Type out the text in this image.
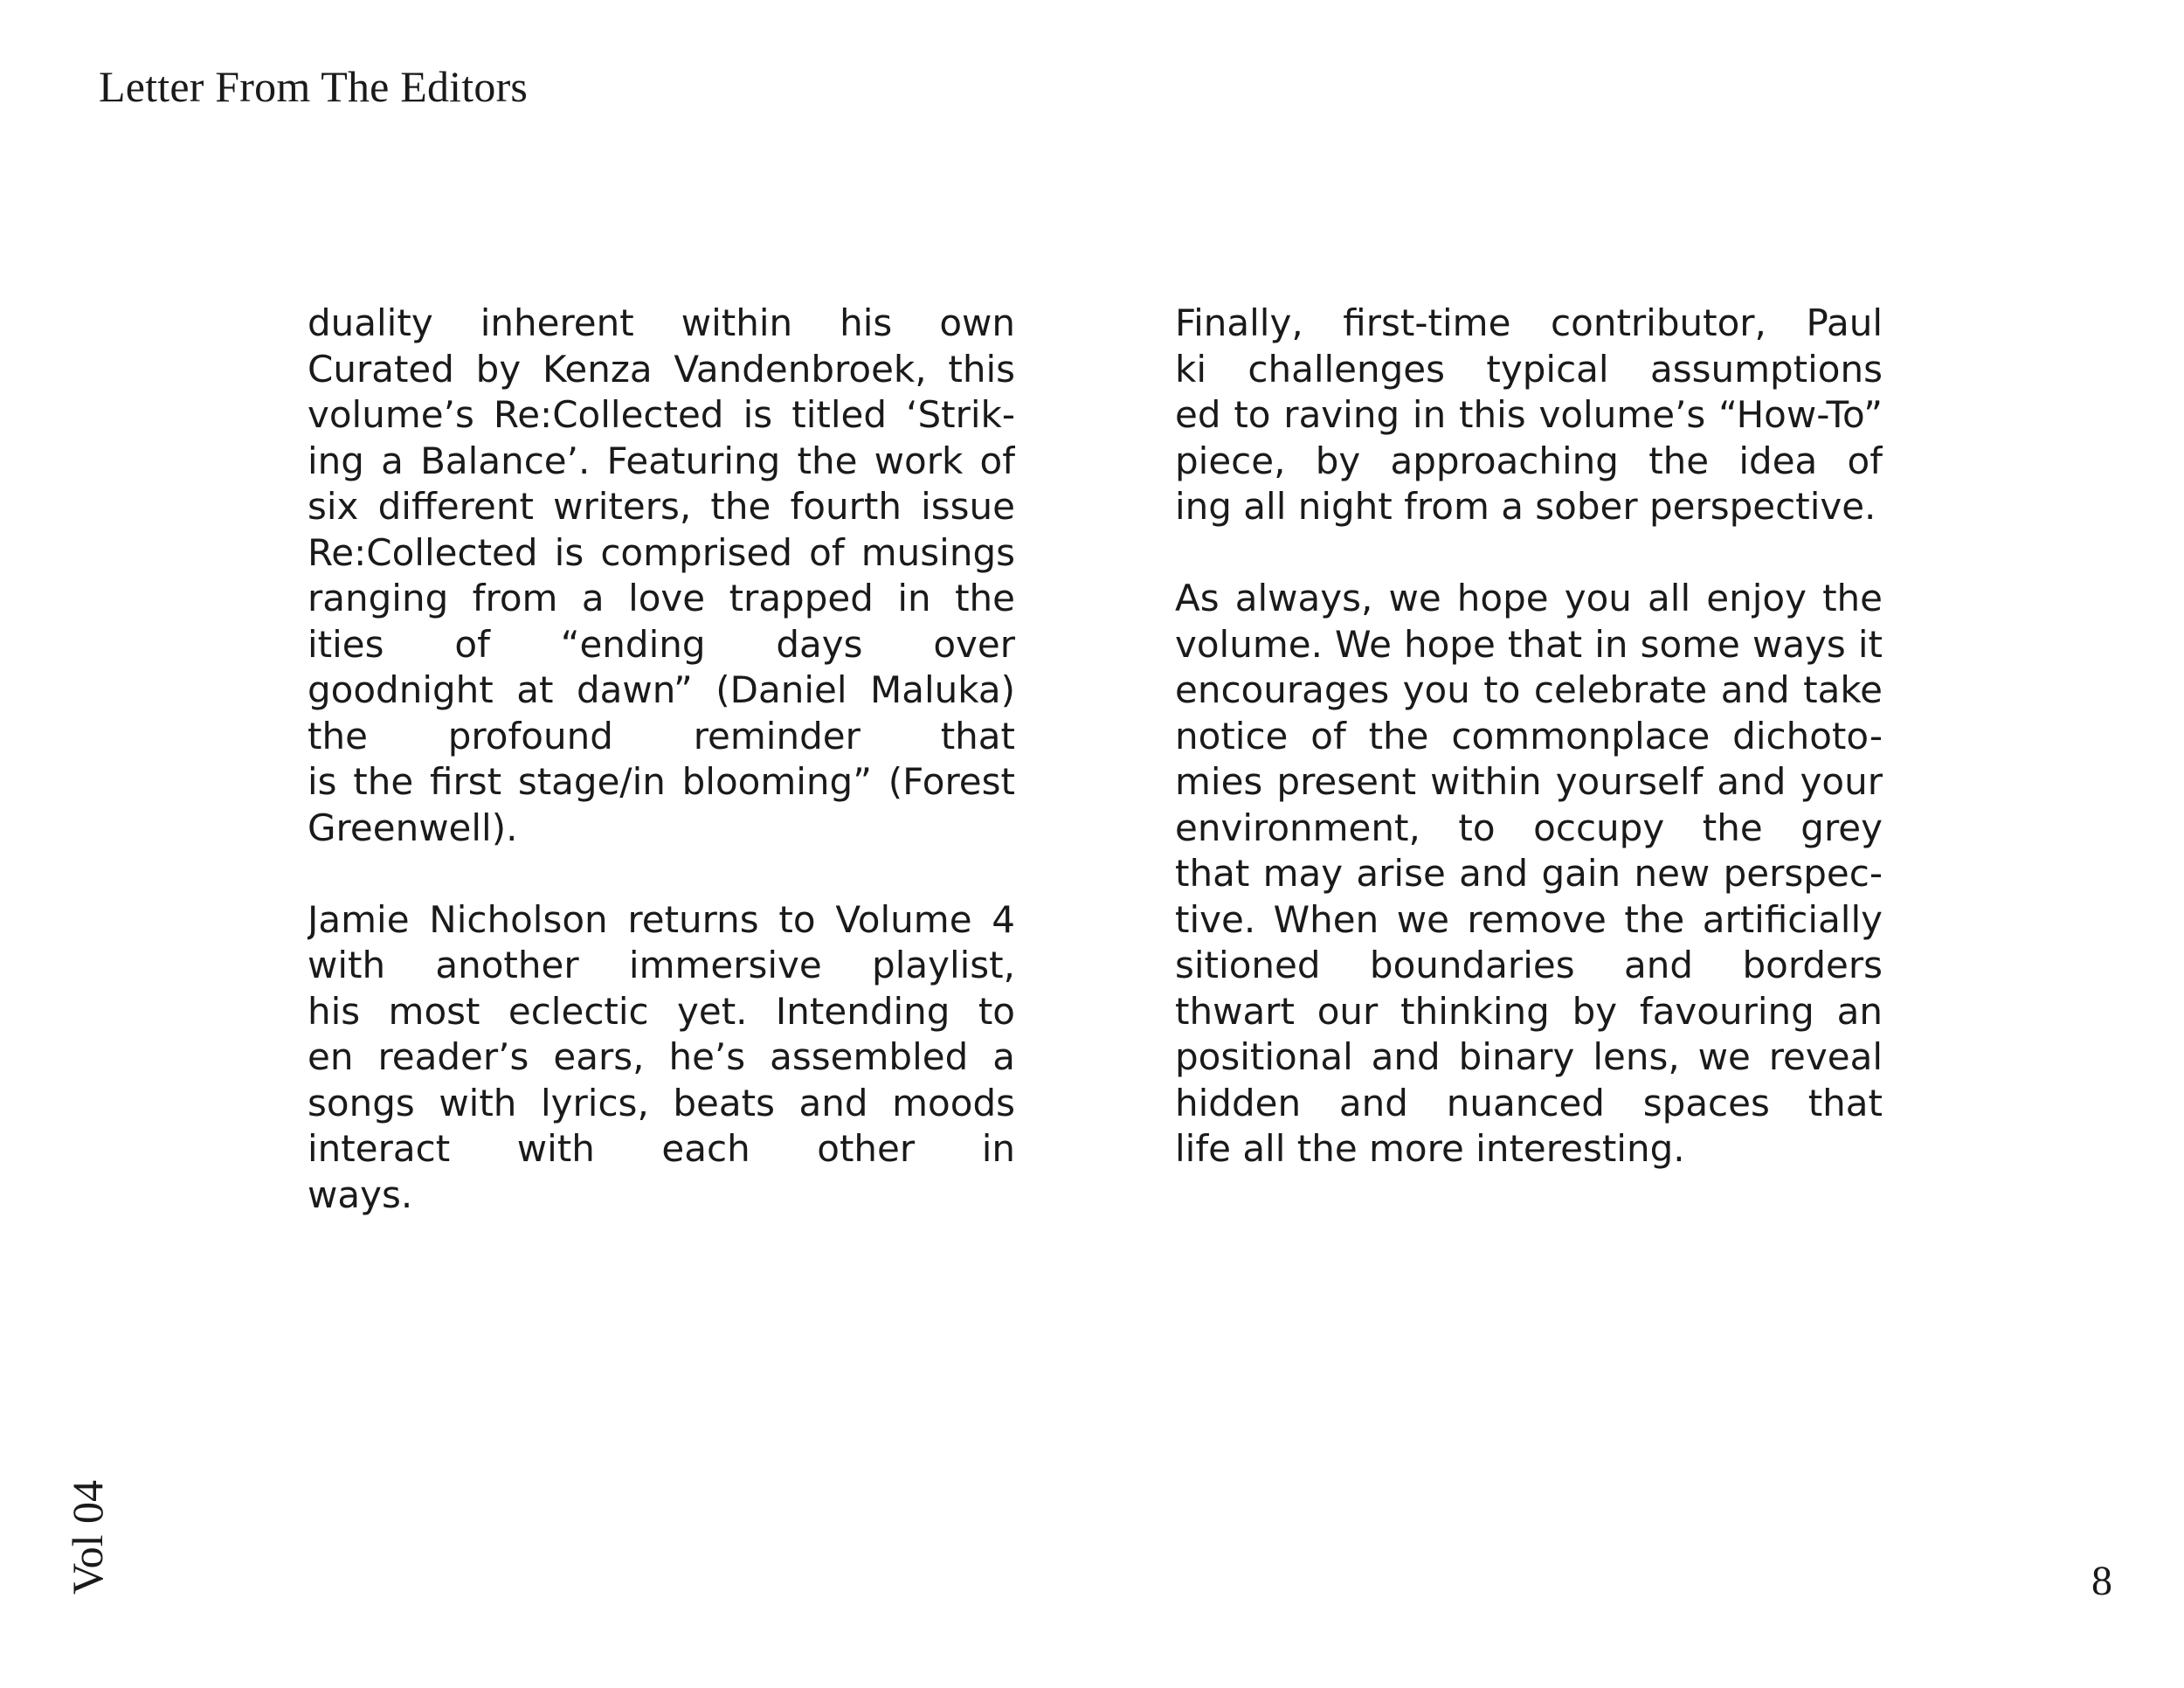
Letter From The Editors
duality inherent within his own
Curated by Kenza Vandenbroek, this
volume’s Re:Collected is titled ‘Strik-
ing a Balance’. Featuring the work of
six different writers, the fourth issue
Re:Collected is comprised of musings
ranging from a love trapped in the
ities of “ending days over
goodnight at dawn” (Daniel Maluka)
the profound reminder that
is the first stage/in blooming” (Forest
Greenwell).
Jamie Nicholson returns to Volume 4
with another immersive playlist,
his most eclectic yet. Intending to
en reader’s ears, he’s assembled a
songs with lyrics, beats and moods
interact with each other in
ways.
Finally, first-time contributor, Paul
ki challenges typical assumptions
ed to raving in this volume’s “How-To”
piece, by approaching the idea of
ing all night from a sober perspective.
As always, we hope you all enjoy the
volume. We hope that in some ways it
encourages you to celebrate and take
notice of the commonplace dichoto-
mies present within yourself and your
environment, to occupy the grey
that may arise and gain new perspec-
tive. When we remove the artificially
sitioned boundaries and borders
thwart our thinking by favouring an
positional and binary lens, we reveal
hidden and nuanced spaces that
life all the more interesting.
Vol 04	8
